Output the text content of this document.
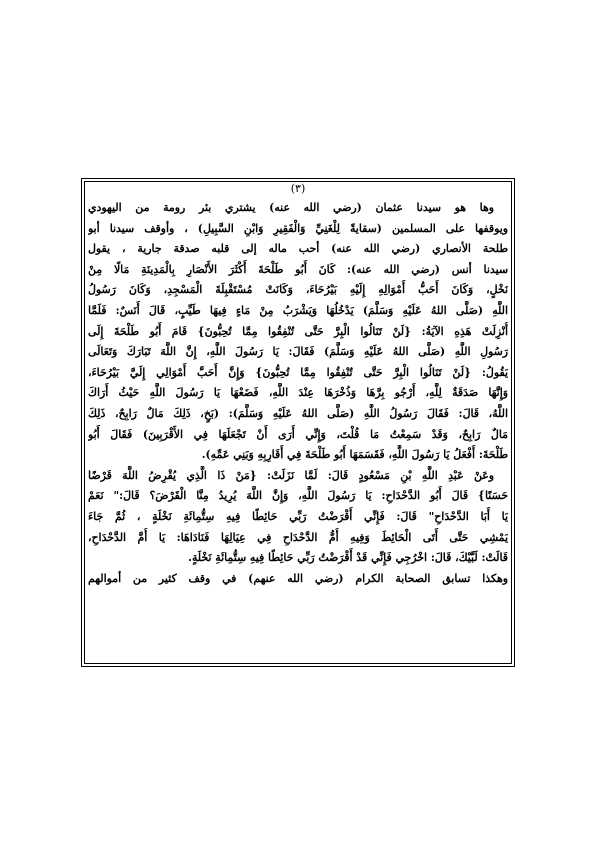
(٣)
وها هو سيدنا عثمان (رضي الله عنه) يشتري بئر رومة من اليهودي
ويوقفها على المسلمين (سقايةً لِلْغَنِيِّ وَالْفَقِيرِ وَابْنِ السَّبِيلِ) ، وأوقف سيدنا أبو
طلحة الأنصاري (رضي الله عنه) أحب ماله إلى قلبه صدقة جارية ، يقول
سيدنا أنس (رضي الله عنه): كَانَ أَبُو طَلْحَةَ أَكْثَرَ الأَنْصَارِ بِالْمَدِينَةِ مَالًا مِنْ
نَخْلٍ، وَكَانَ أَحَبُّ أَمْوَالِهِ إِلَيْهِ بَيْرُحَاءَ، وَكَانَتْ مُسْتَقْبِلَةَ الْمَسْجِدِ، وَكَانَ رَسُولُ
اللَّهِ (صَلَّى اللهُ عَلَيْهِ وَسَلَّمَ) يَدْخُلُهَا وَيَشْرَبُ مِنْ مَاءٍ فِيهَا طَيِّبٍ، قَالَ أَنَسٌ: فَلَمَّا
أُنْزِلَتْ هَذِهِ الآيَةُ: {لَنْ تَنَالُوا الْبِرَّ حَتَّى تُنْفِقُوا مِمَّا تُحِبُّونَ} قَامَ أَبُو طَلْحَةَ إِلَى
رَسُولِ اللَّهِ (صَلَّى اللهُ عَلَيْهِ وَسَلَّمَ) فَقَالَ: يَا رَسُولَ اللَّهِ، إِنَّ اللَّهَ تَبَارَكَ وَتَعَالَى
يَقُولُ: {لَنْ تَنَالُوا الْبِرَّ حَتَّى تُنْفِقُوا مِمَّا تُحِبُّونَ} وَإِنَّ أَحَبَّ أَمْوَالِي إِلَيَّ بَيْرُحَاءَ،
وَإِنَّهَا صَدَقَةٌ لِلَّهِ، أَرْجُو بِرَّهَا وَذُخْرَهَا عِنْدَ اللَّهِ، فَضَعْهَا يَا رَسُولَ اللَّهِ حَيْثُ أَرَاكَ
اللَّهُ، قَالَ: فَقَالَ رَسُولُ اللَّهِ (صَلَّى اللهُ عَلَيْهِ وَسَلَّمَ): (بَخٍ، ذَلِكَ مَالٌ رَابِحٌ، ذَلِكَ
مَالٌ رَابِحٌ، وَقَدْ سَمِعْتُ مَا قُلْتَ، وَإِنِّي أَرَى أَنْ تَجْعَلَهَا فِي الأَقْرَبِينَ) فَقَالَ أَبُو
طَلْحَةَ: أَفْعَلُ يَا رَسُولَ اللَّهِ، فَقَسَمَهَا أَبُو طَلْحَةَ فِي أَقَارِبِهِ وَبَنِي عَمِّهِ).
وعَنْ عَبْدِ اللَّهِ بْنِ مَسْعُودٍ قَالَ: لَمَّا نَزَلَتْ: {مَنْ ذَا الَّذِي يُقْرِضُ اللَّهَ قَرْضًا
حَسَنًا} قَالَ أَبُو الدَّحْدَاحِ: يَا رَسُولَ اللَّهِ، وَإِنَّ اللَّهَ يُرِيدُ مِنَّا الْقَرْضَ؟ قَالَ:" نَعَمْ
يَا أَبَا الدَّحْدَاحِ" قَالَ: فَإِنِّي أَقْرَضْتُ رَبِّي حَائِطًا فِيهِ سِتُّمِائَةِ نَخْلَةٍ ، ثُمَّ جَاءَ
يَمْشِي حَتَّى أَتَى الْحَائِطَ وَفِيهِ أُمُّ الدَّحْدَاحِ فِي عِيَالِهَا فَنَادَاهَا: يَا أُمَّ الدَّحْدَاحِ،
قَالَتْ: لَبَّيْكَ، قَالَ: اخْرُجِي فَإِنِّي قَدْ أَقْرَضْتُ رَبِّي حَائِطًا فِيهِ سِتُّمِائَةِ نَخْلَةٍ.
وهكذا تسابق الصحابة الكرام (رضي الله عنهم) في وقف كثير من أموالهم
